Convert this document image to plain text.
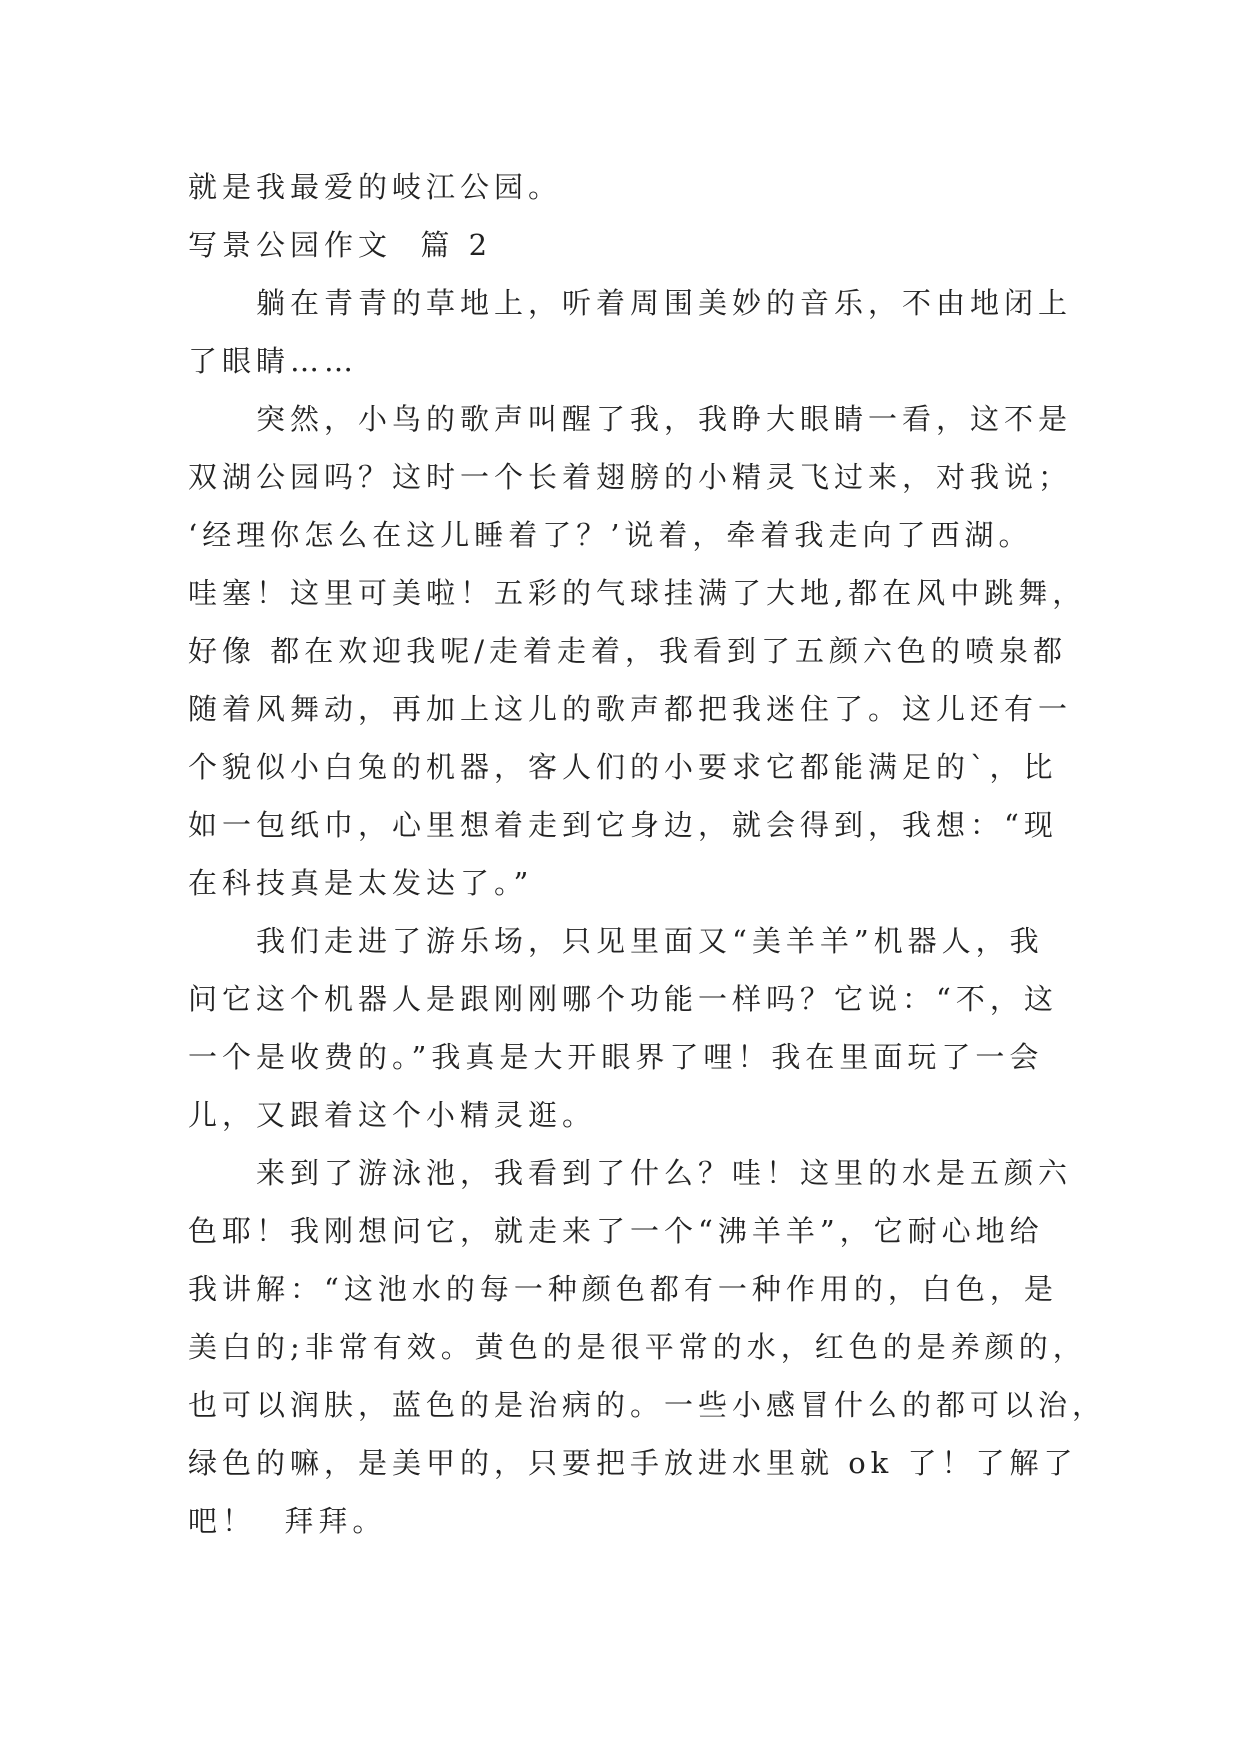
就是我最爱的岐江公园。
写景公园作文  篇 2
躺在青青的草地上，听着周围美妙的音乐，不由地闭上
了眼睛……
突然，小鸟的歌声叫醒了我，我睁大眼睛一看，这不是
双湖公园吗？这时一个长着翅膀的小精灵飞过来，对我说；
‘经理你怎么在这儿睡着了？’说着，牵着我走向了西湖。
哇塞！这里可美啦！五彩的气球挂满了大地,都在风中跳舞，
好像 都在欢迎我呢/走着走着，我看到了五颜六色的喷泉都
随着风舞动，再加上这儿的歌声都把我迷住了。这儿还有一
个貌似小白兔的机器，客人们的小要求它都能满足的`，比
如一包纸巾，心里想着走到它身边，就会得到，我想：“现
在科技真是太发达了。”
我们走进了游乐场，只见里面又“美羊羊”机器人，我
问它这个机器人是跟刚刚哪个功能一样吗？它说：“不，这
一个是收费的。”我真是大开眼界了哩！我在里面玩了一会
儿，又跟着这个小精灵逛。
来到了游泳池，我看到了什么？哇！这里的水是五颜六
色耶！我刚想问它，就走来了一个“沸羊羊”，它耐心地给
我讲解：“这池水的每一种颜色都有一种作用的，白色，是
美白的;非常有效。黄色的是很平常的水，红色的是养颜的，
也可以润肤，蓝色的是治病的。一些小感冒什么的都可以治，
绿色的嘛，是美甲的，只要把手放进水里就 ok 了！了解了
吧！  拜拜。
